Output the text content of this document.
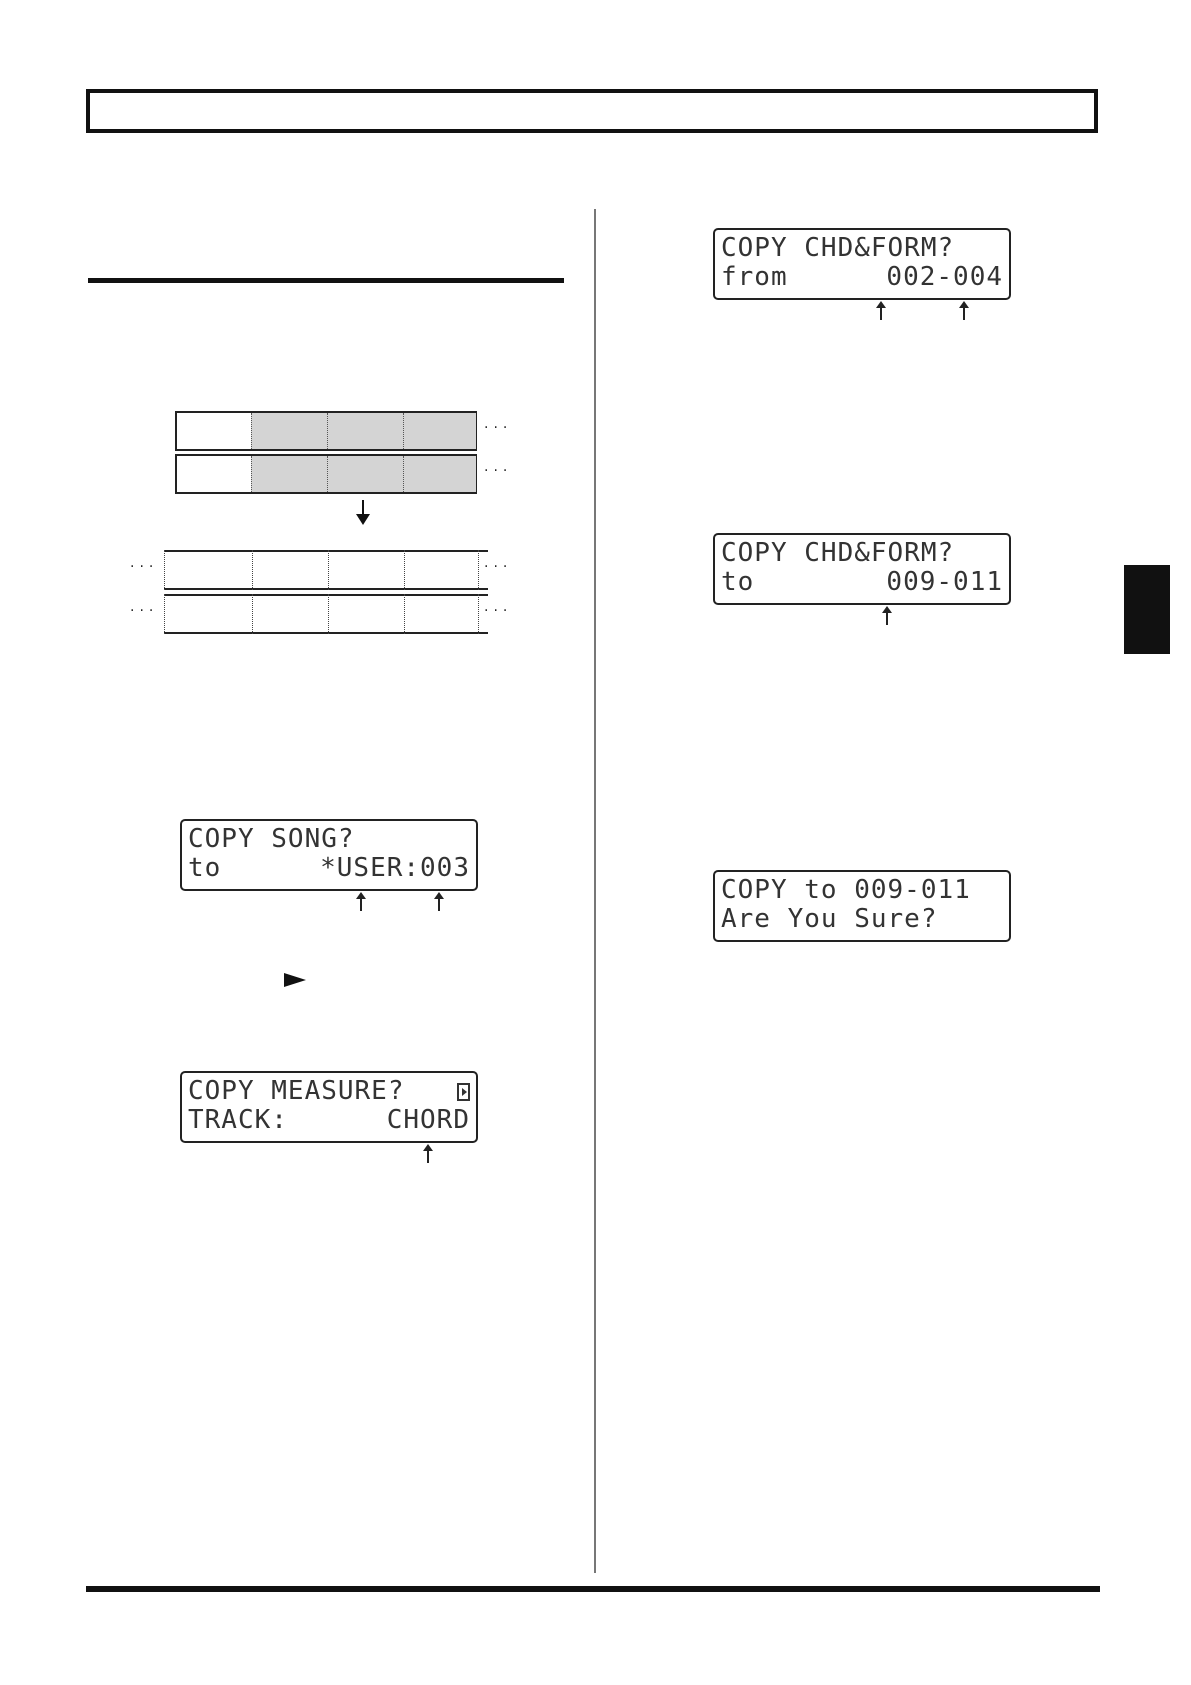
···
···
···	···
···	···
COPY SONG?
to	*USER:003
COPY MEASURE?
TRACK:	CHORD
COPY CHD&FORM?
from	002-004
COPY CHD&FORM?
to	009-011
COPY to 009-011
Are You Sure?
